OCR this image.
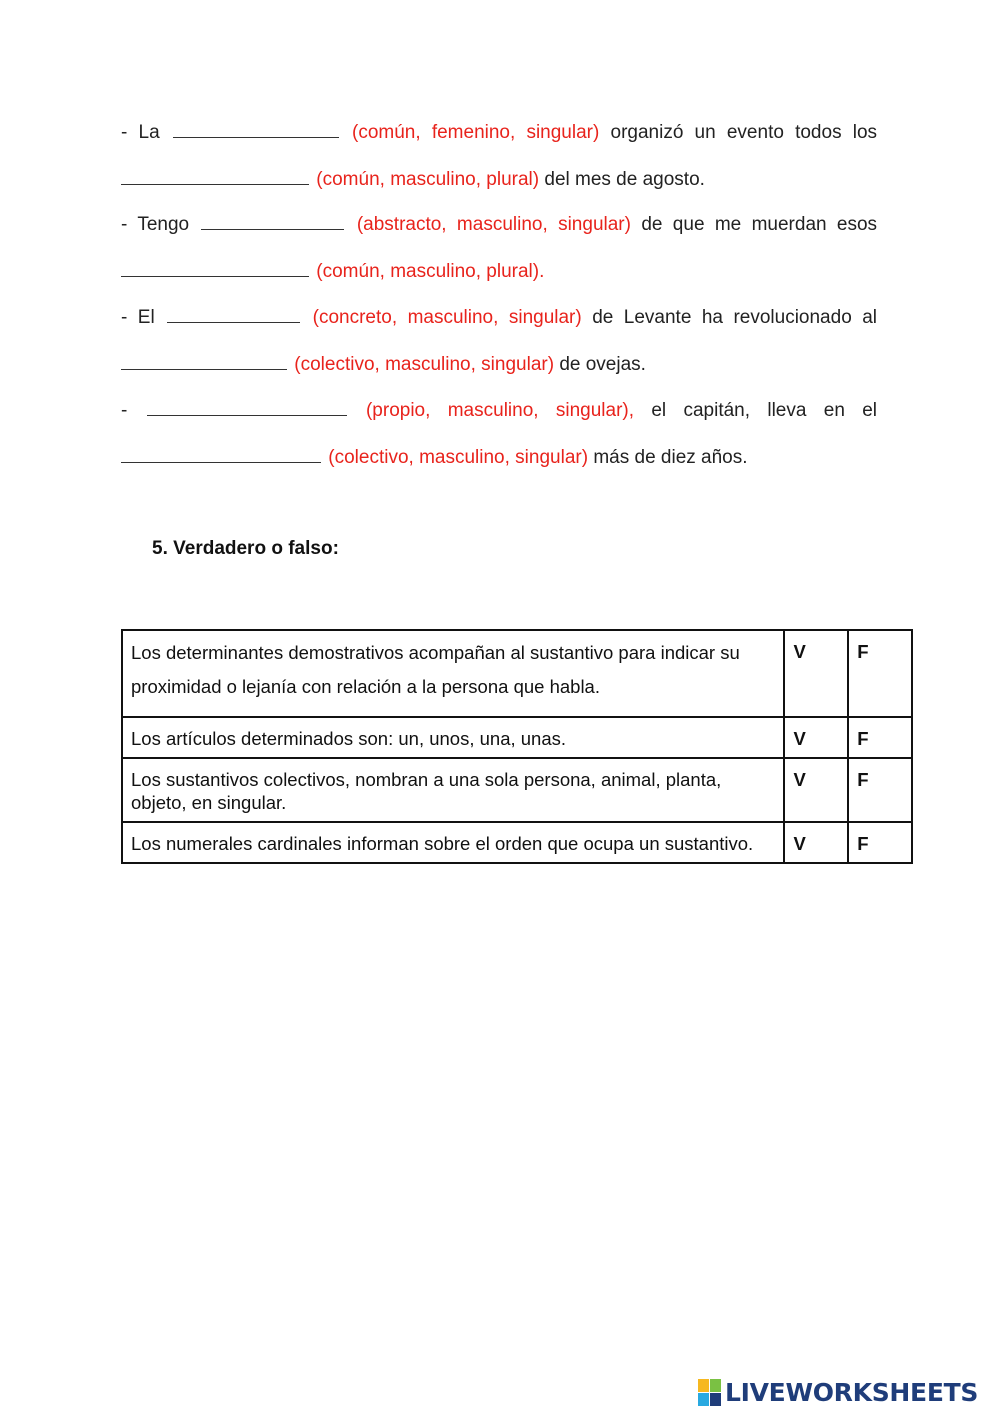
- La	(común, femenino, singular) organizó un evento todos los
(común, masculino, plural) del mes de agosto.
- Tengo	(abstracto, masculino, singular) de que me muerdan esos
(común, masculino, plural).
- El	(concreto, masculino, singular) de Levante ha revolucionado al
(colectivo, masculino, singular) de ovejas.
-	(propio, masculino, singular), el capitán, lleva en el
(colectivo, masculino, singular) más de diez años.
5. Verdadero o falso:
Los determinantes demostrativos acompañan al sustantivo para indicar su proximidad o lejanía con relación a la persona que habla.	V	F
Los artículos determinados son: un, unos, una, unas.	V	F
Los sustantivos colectivos, nombran a una sola persona, animal, planta, objeto, en singular.	V	F
Los numerales cardinales informan sobre el orden que ocupa un sustantivo.	V	F
LIVEWORKSHEETS
